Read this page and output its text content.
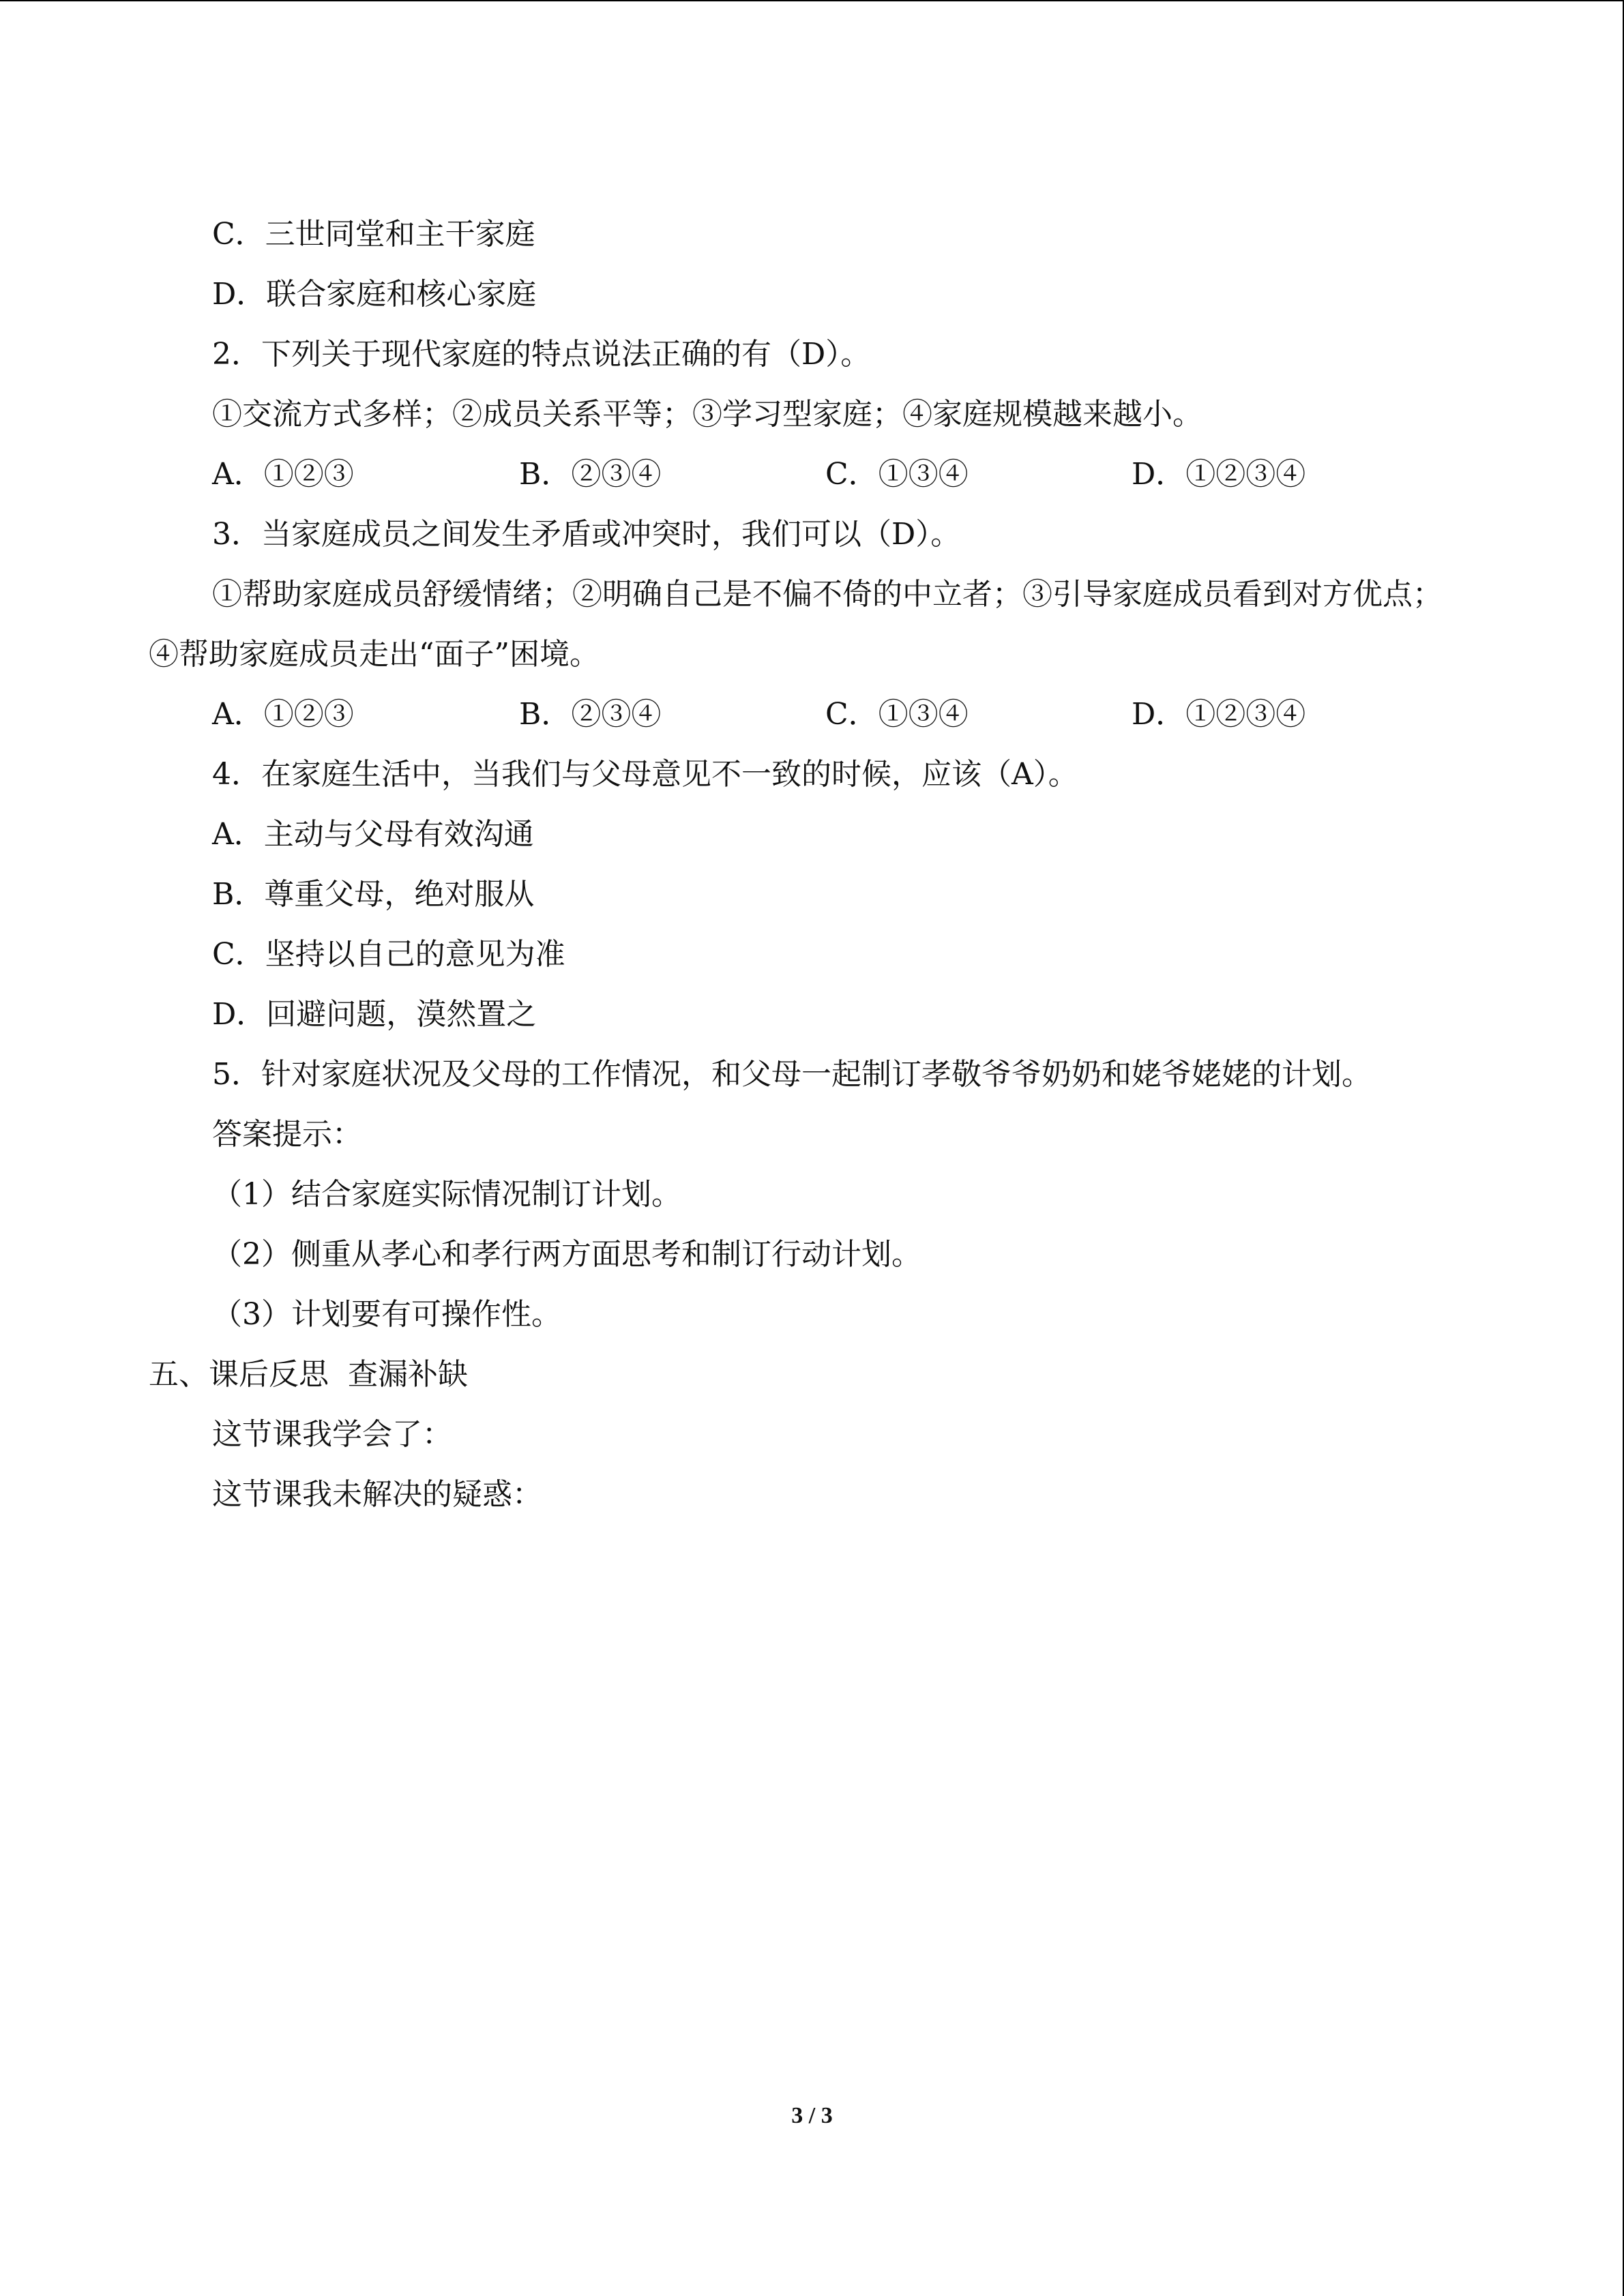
C．三世同堂和主干家庭
D．联合家庭和核心家庭
2．下列关于现代家庭的特点说法正确的有（D）。
①交流方式多样；②成员关系平等；③学习型家庭；④家庭规模越来越小。
A．①②③	B．②③④	C．①③④	D．①②③④
3．当家庭成员之间发生矛盾或冲突时，我们可以（D）。
①帮助家庭成员舒缓情绪；②明确自己是不偏不倚的中立者；③引导家庭成员看到对方优点；④帮助家庭成员走出“面子”困境。
A．①②③	B．②③④	C．①③④	D．①②③④
4．在家庭生活中，当我们与父母意见不一致的时候，应该（A）。
A．主动与父母有效沟通
B．尊重父母，绝对服从
C．坚持以自己的意见为准
D．回避问题，漠然置之
5．针对家庭状况及父母的工作情况，和父母一起制订孝敬爷爷奶奶和姥爷姥姥的计划。
答案提示：
（1）结合家庭实际情况制订计划。
（2）侧重从孝心和孝行两方面思考和制订行动计划。
（3）计划要有可操作性。
五、课后反思  查漏补缺
这节课我学会了：
这节课我未解决的疑惑：
3 / 3
